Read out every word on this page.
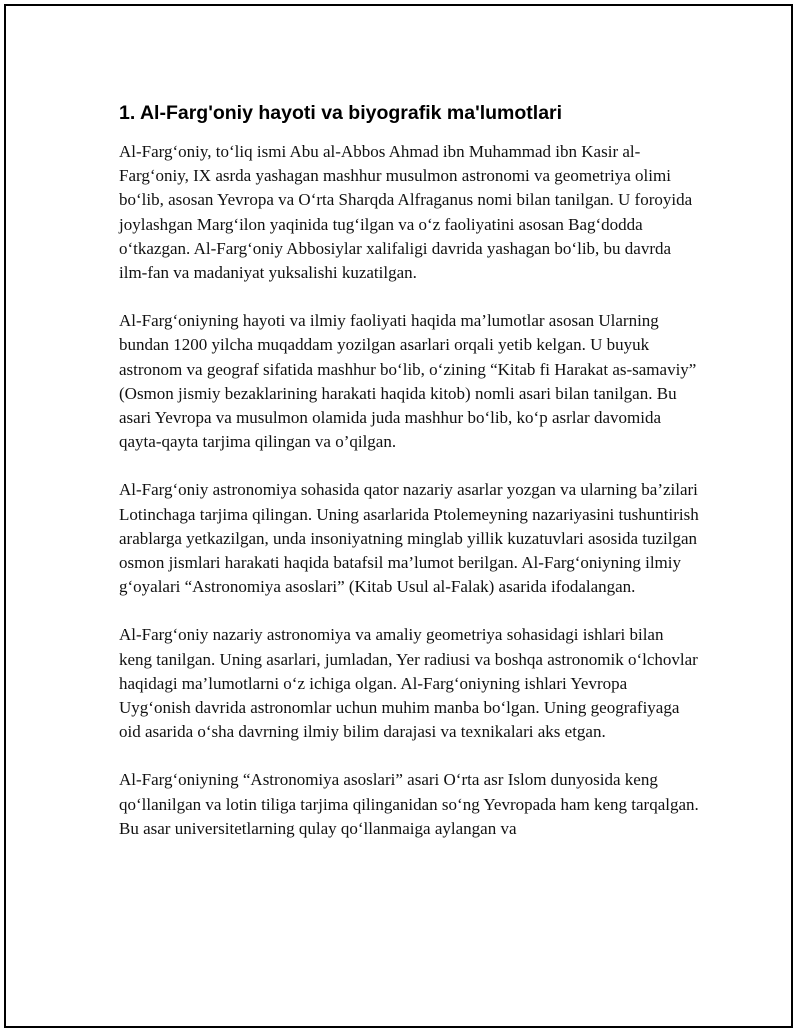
1. Al-Farg'oniy hayoti va biyografik ma'lumotlari

Al-Farg‘oniy, to‘liq ismi Abu al-Abbos Ahmad ibn Muhammad ibn Kasir al-Farg‘oniy, IX asrda yashagan mashhur musulmon astronomi va geometriya olimi bo‘lib, asosan Yevropa va O‘rta Sharqda Alfraganus nomi bilan tanilgan. U foroyida joylashgan Marg‘ilon yaqinida tug‘ilgan va o‘z faoliyatini asosan Bag‘dodda o‘tkazgan. Al-Farg‘oniy Abbosiylar xalifaligi davrida yashagan bo‘lib, bu davrda ilm-fan va madaniyat yuksalishi kuzatilgan.

Al-Farg‘oniyning hayoti va ilmiy faoliyati haqida ma’lumotlar asosan Ularning bundan 1200 yilcha muqaddam yozilgan asarlari orqali yetib kelgan. U buyuk astronom va geograf sifatida mashhur bo‘lib, o‘zining “Kitab fi Harakat as-samaviy” (Osmon jismiy bezaklarining harakati haqida kitob) nomli asari bilan tanilgan. Bu asari Yevropa va musulmon olamida juda mashhur bo‘lib, ko‘p asrlar davomida qayta-qayta tarjima qilingan va o’qilgan.

Al-Farg‘oniy astronomiya sohasida qator nazariy asarlar yozgan va ularning ba’zilari Lotinchaga tarjima qilingan. Uning asarlarida Ptolemeyning nazariyasini tushuntirish arablarga yetkazilgan, unda insoniyatning minglab yillik kuzatuvlari asosida tuzilgan osmon jismlari harakati haqida batafsil ma’lumot berilgan. Al-Farg‘oniyning ilmiy g‘oyalari “Astronomiya asoslari” (Kitab Usul al-Falak) asarida ifodalangan.

Al-Farg‘oniy nazariy astronomiya va amaliy geometriya sohasidagi ishlari bilan keng tanilgan. Uning asarlari, jumladan, Yer radiusi va boshqa astronomik o‘lchovlar haqidagi ma’lumotlarni o‘z ichiga olgan. Al-Farg‘oniyning ishlari Yevropa Uyg‘onish davrida astronomlar uchun muhim manba bo‘lgan. Uning geografiyaga oid asarida o‘sha davrning ilmiy bilim darajasi va texnikalari aks etgan.

Al-Farg‘oniyning “Astronomiya asoslari” asari O‘rta asr Islom dunyosida keng qo‘llanilgan va lotin tiliga tarjima qilinganidan so‘ng Yevropada ham keng tarqalgan. Bu asar universitetlarning qulay qo‘llanmaiga aylangan va
